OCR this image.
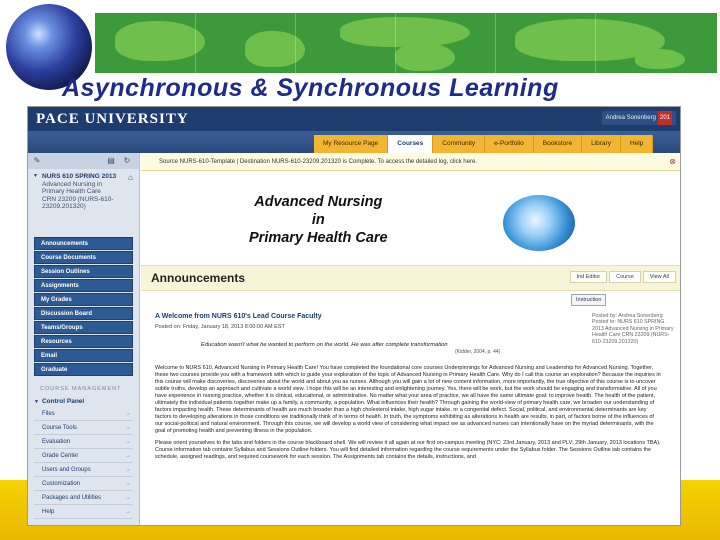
Asynchronous & Synchronous Learning
PACE UNIVERSITY	Andrea Sonenberg 201
My Resource Page	Courses	Community	e-Portfolio	Bookstore	Library	Help
✎	▤ ↻
▼ NURS 610 SPRING 2013
Advanced Nursing in
Primary Health Care
CRN 23209 (NURS-610-
23209.201320)
⌂
Announcements
Course Documents
Session Outlines
Assignments
My Grades
Discussion Board
Teams/Groups
Resources
Email
Graduate
COURSE MANAGEMENT
▼ Control Panel
Files	→
Course Tools	→
Evaluation	→
Grade Center	→
Users and Groups	→
Customization	→
Packages and Utilities	→
Help	→
Source NURS-610-Template | Destination NURS-610-23209.201320 is Complete. To access the detailed log, click here.	⊗
Advanced Nursing
in
Primary Health Care
Announcements	Ind Editor	Course	View All
Instruction
A Welcome from NURS 610's Lead Course Faculty
Posted on: Friday, January 18, 2013 8:00:00 AM EST
Posted by: Andrea Sonenberg Posted to: NURS 610 SPRING 2013 Advanced Nursing in Primary Health Care CRN 23209 (NURS-610-23209.201320)
Education wasn't what he wanted to perform on the world. He was after complete transformation
(Kidder, 2004, p. 44)

Welcome to NURS 610, Advanced Nursing in Primary Health Care! You have completed the foundational core courses Underpinnings for Advanced Nursing and Leadership for Advanced Nursing. Together, these two courses provide you with a framework with which to guide your exploration of the topic of Advanced Nursing in Primary Health Care. Why do I call this course an exploration? Because the inquiries in this course will make discoveries, discoveries about the world and about you as nurses. Although you will gain a lot of new content information, more importantly, the true objective of this course is to uncover subtle truths, develop an approach and cultivate a world view. I hope this will be an interesting and enlightening journey. Yes, there will be work, but the work should be engaging and transformative. All of you have experience in nursing practice, whether it is clinical, educational, or administrative. No matter what your area of practice, we all have the same ultimate goal: to improve health. The health of the patient, ultimately the individual patients together make up a family, a community, a population. What influences their health? Through gaining the world-view of primary health care, we broaden our understanding of factors impacting health. These determinants of health are much broader than a high cholesterol intake, high sugar intake, or a congenital defect. Social, political, and environmental determinants are key factors to developing alterations in those conditions we traditionally think of in terms of health. In truth, the symptoms exhibiting as alterations in health are results, in part, of factors borne of the influences of our social-political and natural environment. Through this course, we will develop a world view of considering what impact we as advanced nurses can intentionally have on the myriad determinants, with the goal of promoting health and preventing illness in the population.

Please orient yourselves to the tabs and folders in the course blackboard shell. We will review it all again at our first on-campus meeting (NYC: 23rd January, 2013 and PLV: 29th January, 2013 locations TBA). Course information tab contains Syllabus and Sessions Outline folders. You will find detailed information regarding the course requirements under the Syllabus folder. The Sessions Outline tab contains the schedule, assigned readings, and required coursework for each session. The Assignments tab contains the details, instructions, and
